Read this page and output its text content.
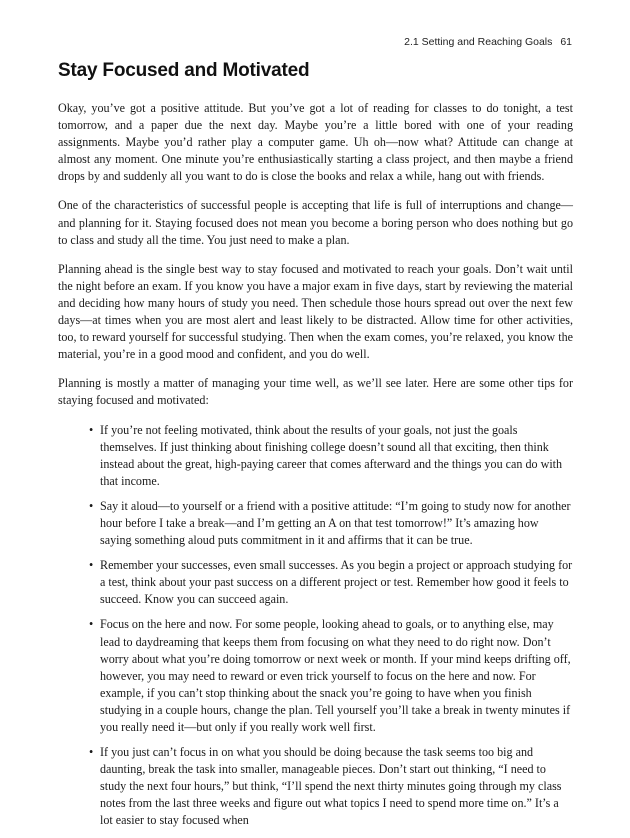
2.1 Setting and Reaching Goals 61
Stay Focused and Motivated

Okay, you’ve got a positive attitude. But you’ve got a lot of reading for classes to do tonight, a test tomorrow, and a paper due the next day. Maybe you’re a little bored with one of your reading assignments. Maybe you’d rather play a computer game. Uh oh—now what? Attitude can change at almost any moment. One minute you’re enthusiastically starting a class project, and then maybe a friend drops by and suddenly all you want to do is close the books and relax a while, hang out with friends.

One of the characteristics of successful people is accepting that life is full of interruptions and change—and planning for it. Staying focused does not mean you become a boring person who does nothing but go to class and study all the time. You just need to make a plan.

Planning ahead is the single best way to stay focused and motivated to reach your goals. Don’t wait until the night before an exam. If you know you have a major exam in five days, start by reviewing the material and deciding how many hours of study you need. Then schedule those hours spread out over the next few days—at times when you are most alert and least likely to be distracted. Allow time for other activities, too, to reward yourself for successful studying. Then when the exam comes, you’re relaxed, you know the material, you’re in a good mood and confident, and you do well.

Planning is mostly a matter of managing your time well, as we’ll see later. Here are some other tips for staying focused and motivated:

• If you’re not feeling motivated, think about the results of your goals, not just the goals themselves. If just thinking about finishing college doesn’t sound all that exciting, then think instead about the great, high-paying career that comes afterward and the things you can do with that income.
• Say it aloud—to yourself or a friend with a positive attitude: “I’m going to study now for another hour before I take a break—and I’m getting an A on that test tomorrow!” It’s amazing how saying something aloud puts commitment in it and affirms that it can be true.
• Remember your successes, even small successes. As you begin a project or approach studying for a test, think about your past success on a different project or test. Remember how good it feels to succeed. Know you can succeed again.
• Focus on the here and now. For some people, looking ahead to goals, or to anything else, may lead to daydreaming that keeps them from focusing on what they need to do right now. Don’t worry about what you’re doing tomorrow or next week or month. If your mind keeps drifting off, however, you may need to reward or even trick yourself to focus on the here and now. For example, if you can’t stop thinking about the snack you’re going to have when you finish studying in a couple hours, change the plan. Tell yourself you’ll take a break in twenty minutes if you really need it—but only if you really work well first.
• If you just can’t focus in on what you should be doing because the task seems too big and daunting, break the task into smaller, manageable pieces. Don’t start out thinking, “I need to study the next four hours,” but think, “I’ll spend the next thirty minutes going through my class notes from the last three weeks and figure out what topics I need to spend more time on.” It’s a lot easier to stay focused when
